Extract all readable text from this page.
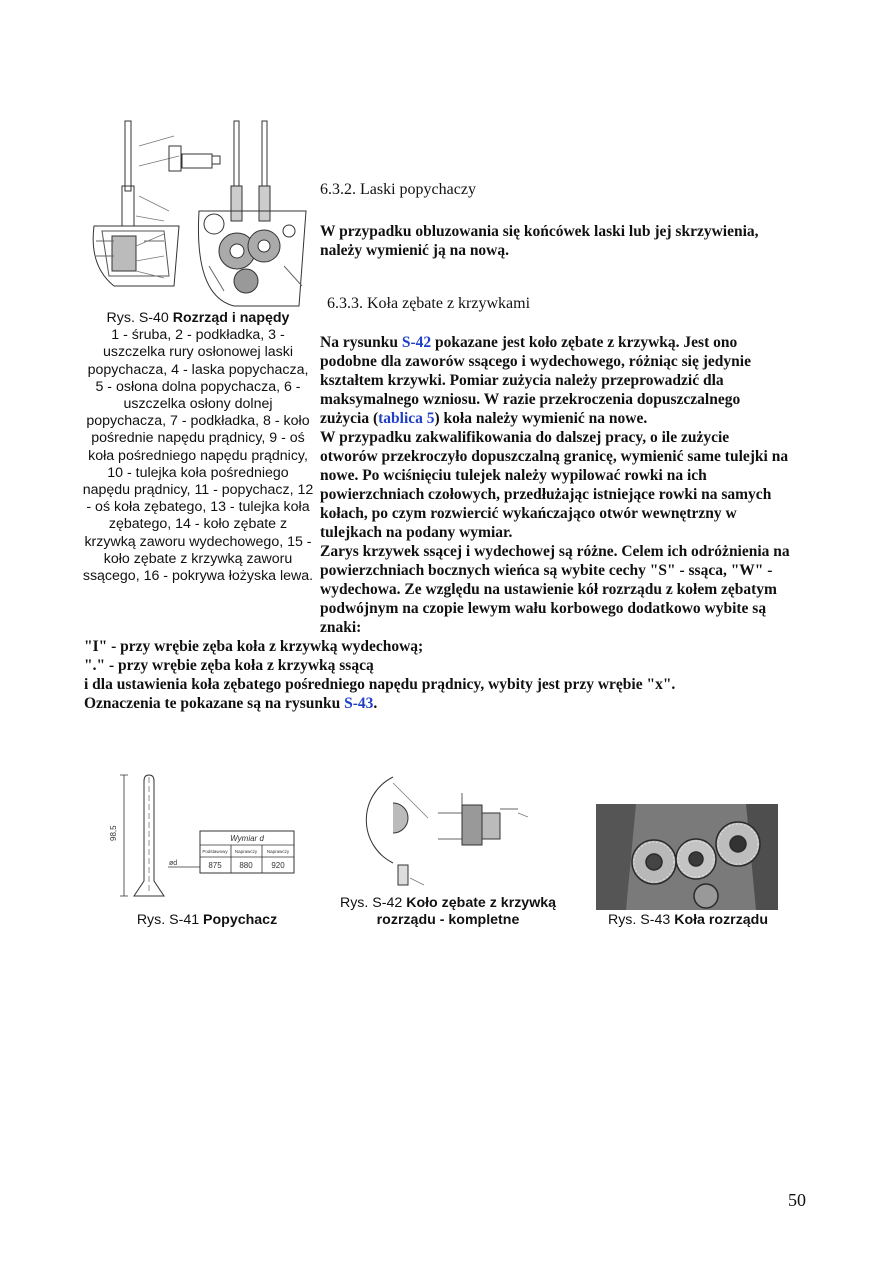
Rys. S-40 Rozrząd i napędy
1 - śruba, 2 - podkładka, 3 - uszczelka rury osłonowej laski popychacza, 4 - laska popychacza, 5 - osłona dolna popychacza, 6 - uszczelka osłony dolnej popychacza, 7 - podkładka, 8 - koło pośrednie napędu prądnicy, 9 - oś koła pośredniego napędu prądnicy, 10 - tulejka koła pośredniego napędu prądnicy, 11 - popychacz, 12 - oś koła zębatego, 13 - tulejka koła zębatego, 14 - koło zębate z krzywką zaworu wydechowego, 15 - koło zębate z krzywką zaworu ssącego, 16 - pokrywa łożyska lewa.
6.3.2. Laski popychaczy

W przypadku obluzowania się końcówek laski lub jej skrzywienia, należy wymienić ją na nową.

6.3.3. Koła zębate z krzywkami

Na rysunku S-42 pokazane jest koło zębate z krzywką. Jest ono podobne dla zaworów ssącego i wydechowego, różniąc się jedynie kształtem krzywki. Pomiar zużycia należy przeprowadzić dla maksymalnego wzniosu. W razie przekroczenia dopuszczalnego zużycia (tablica 5) koła należy wymienić na nowe.

W przypadku zakwalifikowania do dalszej pracy, o ile zużycie otworów przekroczyło dopuszczalną granicę, wymienić same tulejki na nowe. Po wciśnięciu tulejek należy wypilować rowki na ich powierzchniach czołowych, przedłużając istniejące rowki na samych kołach, po czym rozwiercić wykańczająco otwór wewnętrzny w tulejkach na podany wymiar.

Zarys krzywek ssącej i wydechowej są różne. Celem ich odróżnienia na powierzchniach bocznych wieńca są wybite cechy "S" - ssąca, "W" - wydechowa. Ze względu na ustawienie kół rozrządu z kołem zębatym podwójnym na czopie lewym wału korbowego dodatkowo wybite są znaki:

"I" - przy wrębie zęba koła z krzywką wydechową;
"." - przy wrębie zęba koła z krzywką ssącą
i dla ustawienia koła zębatego pośredniego napędu prądnicy, wybity jest przy wrębie "x".
Oznaczenia te pokazane są na rysunku S-43.
98,5
ød
Wymiar d
Podstawowy Naprawczy Naprawczy
875 880 920
Rys. S-41 Popychacz
Rys. S-42 Koło zębate z krzywką rozrządu - kompletne	Rys. S-43 Koła rozrządu
50
